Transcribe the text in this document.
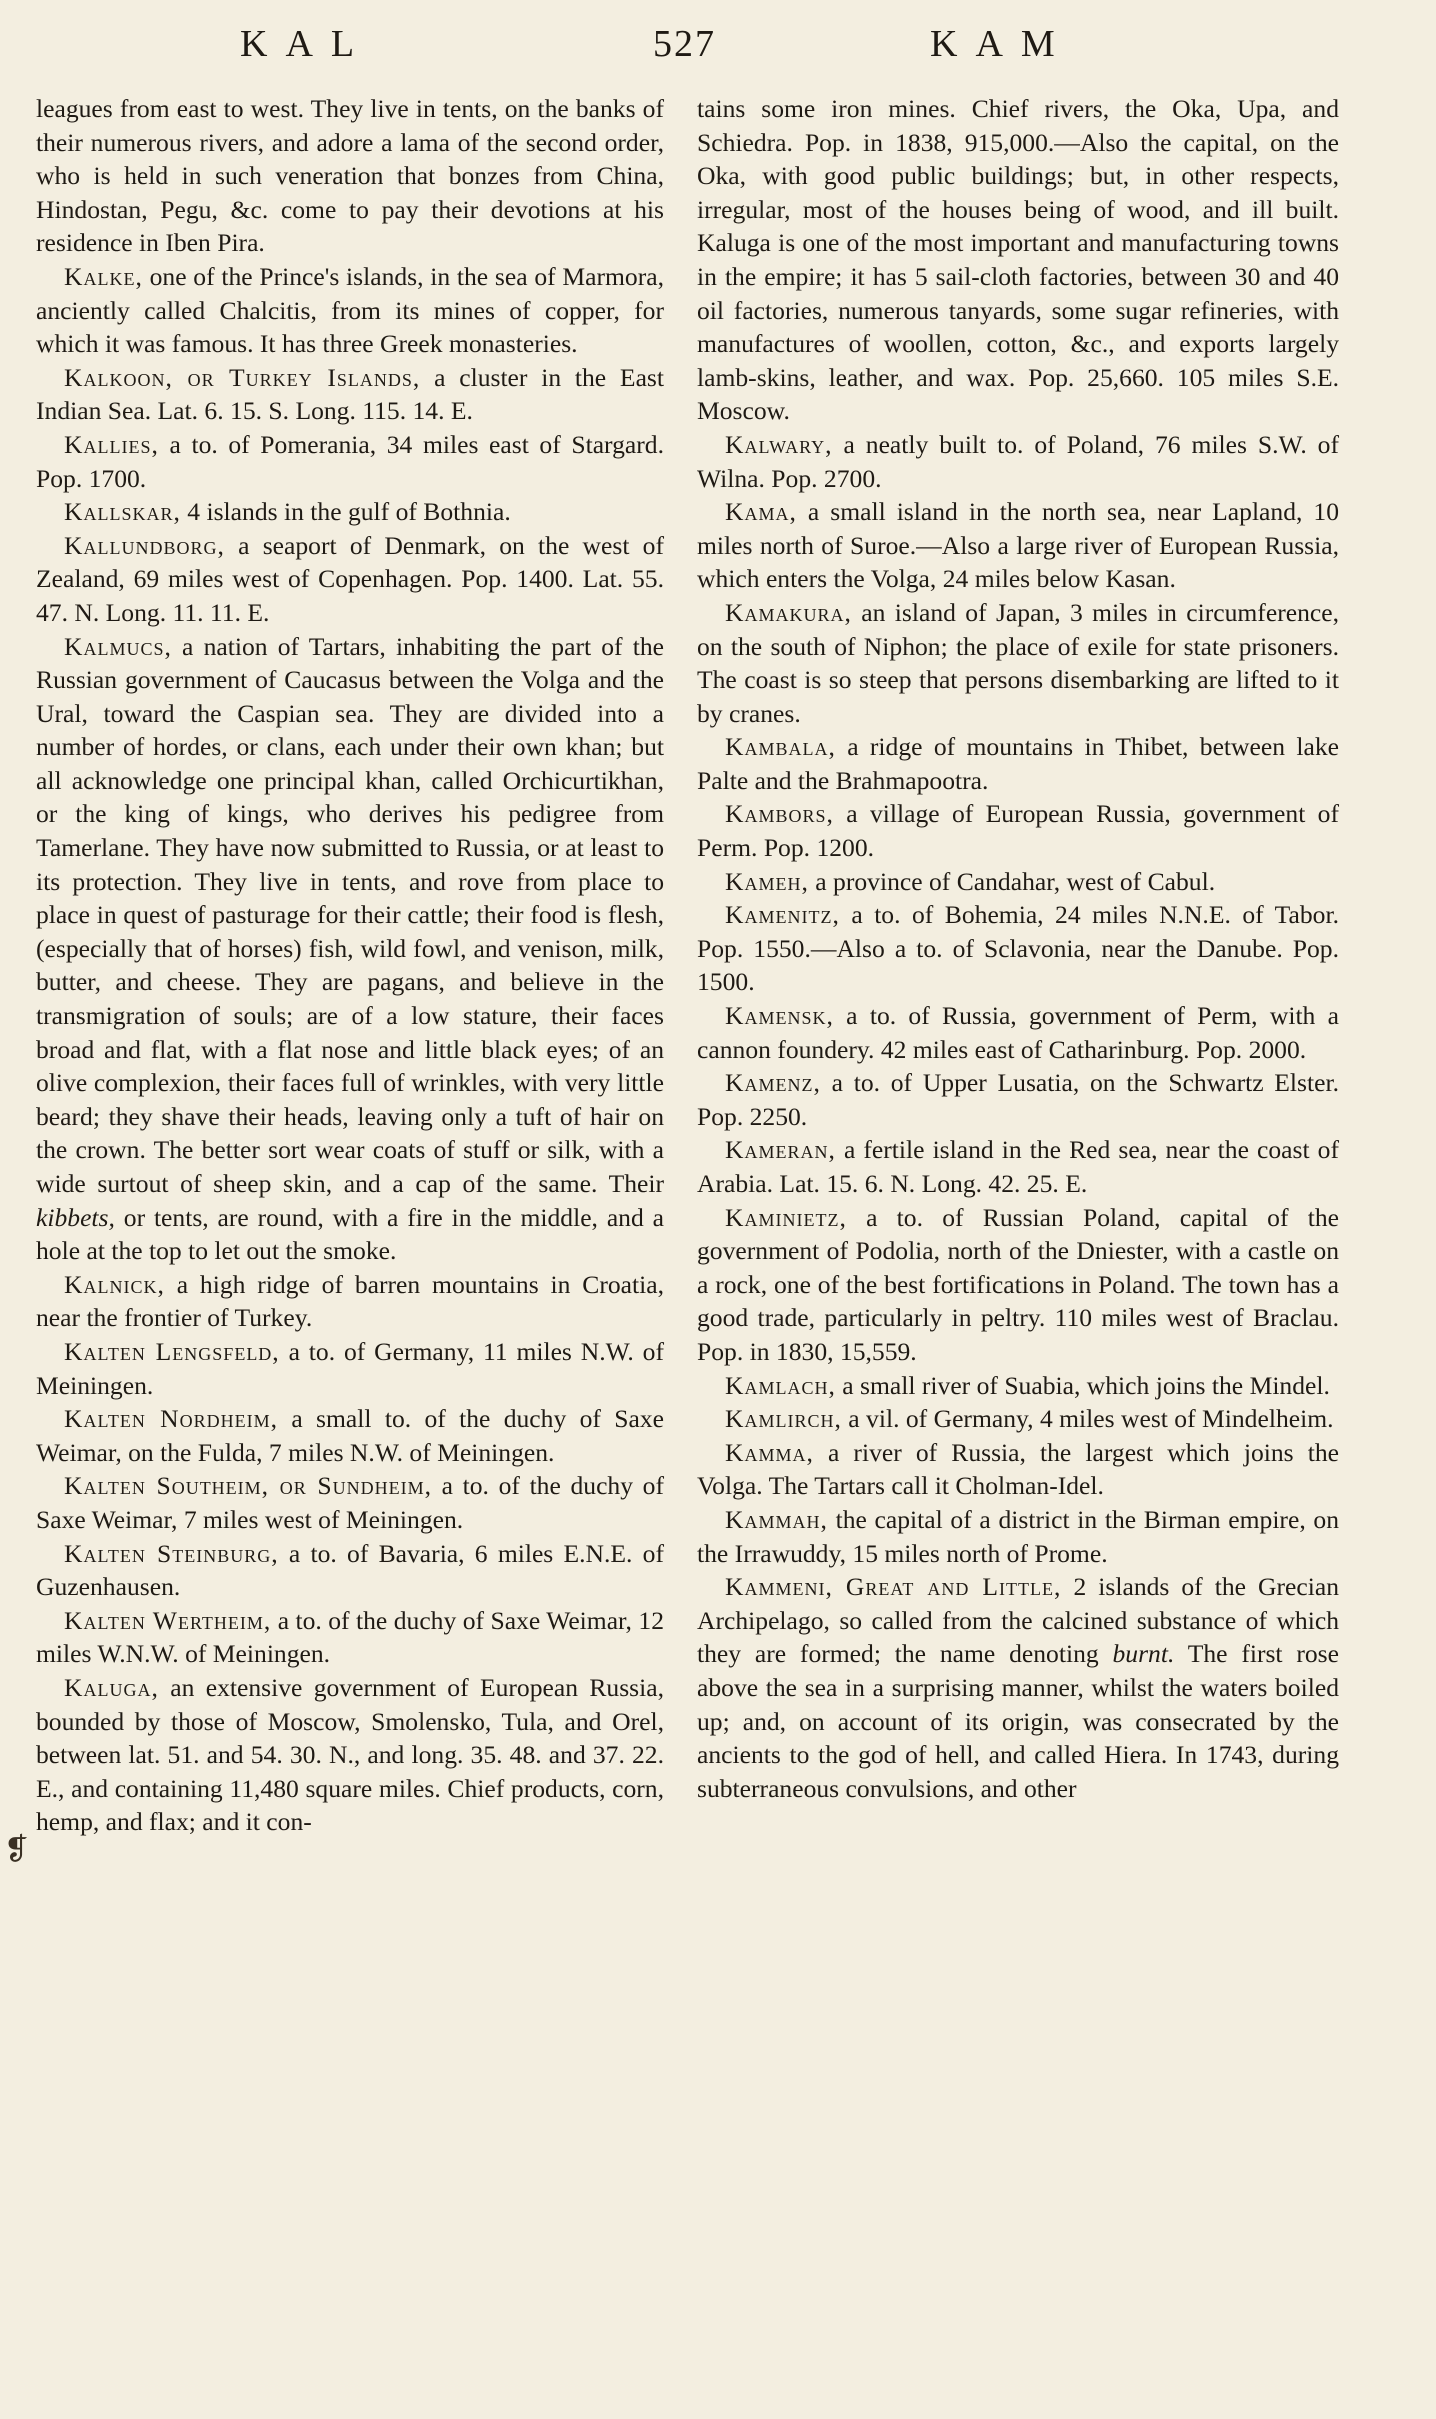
KAL	527	KAM
❡

leagues from east to west. They live in tents, on the banks of their numerous rivers, and adore a lama of the second order, who is held in such veneration that bonzes from China, Hindostan, Pegu, &c. come to pay their devotions at his residence in Iben Pira.

Kalke, one of the Prince's islands, in the sea of Marmora, anciently called Chalcitis, from its mines of copper, for which it was famous. It has three Greek monasteries.

Kalkoon, or Turkey Islands, a cluster in the East Indian Sea. Lat. 6. 15. S. Long. 115. 14. E.

Kallies, a to. of Pomerania, 34 miles east of Stargard. Pop. 1700.

Kallskar, 4 islands in the gulf of Bothnia.

Kallundborg, a seaport of Denmark, on the west of Zealand, 69 miles west of Copenhagen. Pop. 1400. Lat. 55. 47. N. Long. 11. 11. E.

Kalmucs, a nation of Tartars, inhabiting the part of the Russian government of Caucasus between the Volga and the Ural, toward the Caspian sea. They are divided into a number of hordes, or clans, each under their own khan; but all acknowledge one principal khan, called Orchicurtikhan, or the king of kings, who derives his pedigree from Tamerlane. They have now submitted to Russia, or at least to its protection. They live in tents, and rove from place to place in quest of pasturage for their cattle; their food is flesh, (especially that of horses) fish, wild fowl, and venison, milk, butter, and cheese. They are pagans, and believe in the transmigration of souls; are of a low stature, their faces broad and flat, with a flat nose and little black eyes; of an olive complexion, their faces full of wrinkles, with very little beard; they shave their heads, leaving only a tuft of hair on the crown. The better sort wear coats of stuff or silk, with a wide surtout of sheep skin, and a cap of the same. Their kibbets, or tents, are round, with a fire in the middle, and a hole at the top to let out the smoke.

Kalnick, a high ridge of barren mountains in Croatia, near the frontier of Turkey.

Kalten Lengsfeld, a to. of Germany, 11 miles N.W. of Meiningen.

Kalten Nordheim, a small to. of the duchy of Saxe Weimar, on the Fulda, 7 miles N.W. of Meiningen.

Kalten Southeim, or Sundheim, a to. of the duchy of Saxe Weimar, 7 miles west of Meiningen.

Kalten Steinburg, a to. of Bavaria, 6 miles E.N.E. of Guzenhausen.

Kalten Wertheim, a to. of the duchy of Saxe Weimar, 12 miles W.N.W. of Meiningen.

Kaluga, an extensive government of European Russia, bounded by those of Moscow, Smolensko, Tula, and Orel, between lat. 51. and 54. 30. N., and long. 35. 48. and 37. 22. E., and containing 11,480 square miles. Chief products, corn, hemp, and flax; and it con-

tains some iron mines. Chief rivers, the Oka, Upa, and Schiedra. Pop. in 1838, 915,000.—Also the capital, on the Oka, with good public buildings; but, in other respects, irregular, most of the houses being of wood, and ill built. Kaluga is one of the most important and manufacturing towns in the empire; it has 5 sail-cloth factories, between 30 and 40 oil factories, numerous tanyards, some sugar refineries, with manufactures of woollen, cotton, &c., and exports largely lamb-skins, leather, and wax. Pop. 25,660. 105 miles S.E. Moscow.

Kalwary, a neatly built to. of Poland, 76 miles S.W. of Wilna. Pop. 2700.

Kama, a small island in the north sea, near Lapland, 10 miles north of Suroe.—Also a large river of European Russia, which enters the Volga, 24 miles below Kasan.

Kamakura, an island of Japan, 3 miles in circumference, on the south of Niphon; the place of exile for state prisoners. The coast is so steep that persons disembarking are lifted to it by cranes.

Kambala, a ridge of mountains in Thibet, between lake Palte and the Brahmapootra.

Kambors, a village of European Russia, government of Perm. Pop. 1200.

Kameh, a province of Candahar, west of Cabul.

Kamenitz, a to. of Bohemia, 24 miles N.N.E. of Tabor. Pop. 1550.—Also a to. of Sclavonia, near the Danube. Pop. 1500.

Kamensk, a to. of Russia, government of Perm, with a cannon foundery. 42 miles east of Catharinburg. Pop. 2000.

Kamenz, a to. of Upper Lusatia, on the Schwartz Elster. Pop. 2250.

Kameran, a fertile island in the Red sea, near the coast of Arabia. Lat. 15. 6. N. Long. 42. 25. E.

Kaminietz, a to. of Russian Poland, capital of the government of Podolia, north of the Dniester, with a castle on a rock, one of the best fortifications in Poland. The town has a good trade, particularly in peltry. 110 miles west of Braclau. Pop. in 1830, 15,559.

Kamlach, a small river of Suabia, which joins the Mindel.

Kamlirch, a vil. of Germany, 4 miles west of Mindelheim.

Kamma, a river of Russia, the largest which joins the Volga. The Tartars call it Cholman-Idel.

Kammah, the capital of a district in the Birman empire, on the Irrawuddy, 15 miles north of Prome.

Kammeni, Great and Little, 2 islands of the Grecian Archipelago, so called from the calcined substance of which they are formed; the name denoting burnt. The first rose above the sea in a surprising manner, whilst the waters boiled up; and, on account of its origin, was consecrated by the ancients to the god of hell, and called Hiera. In 1743, during subterraneous convulsions, and other
